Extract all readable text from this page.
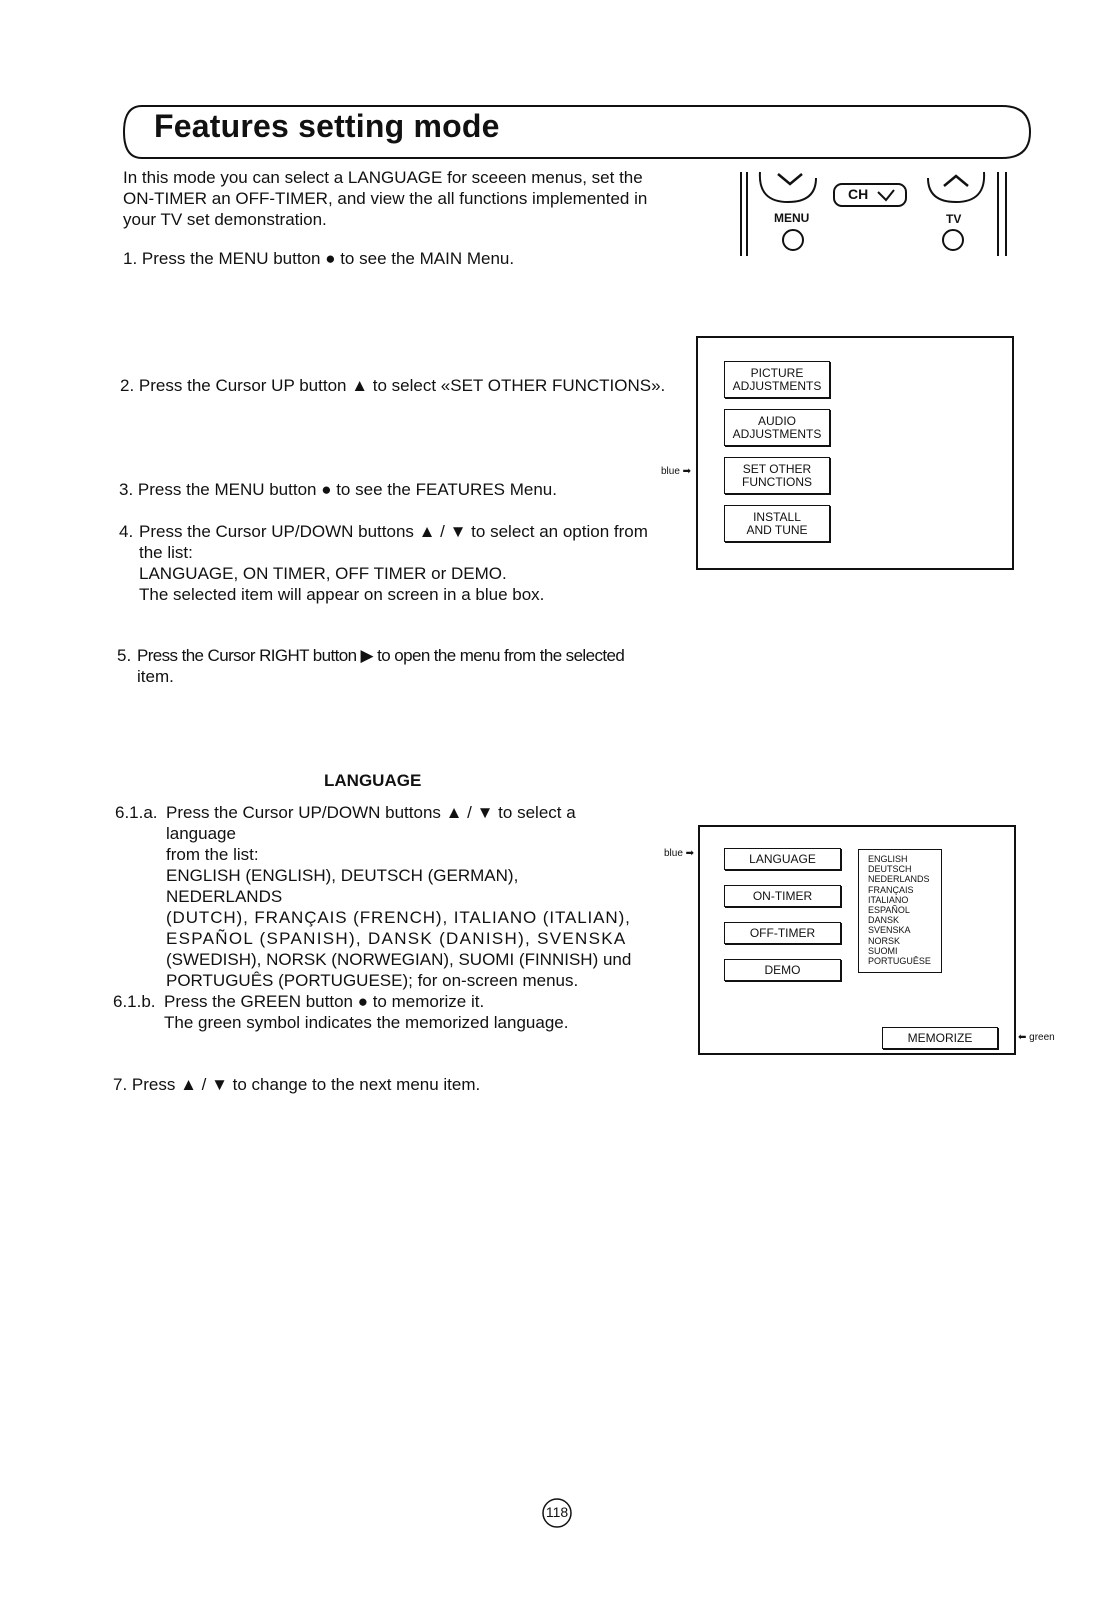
Features setting mode
In this mode you can select a LANGUAGE for sceeen menus, set the
ON-TIMER an OFF-TIMER, and view the all functions implemented in
your TV set demonstration.
CH
MENU	TV
1. Press the MENU button ● to see the MAIN Menu.
2. Press the Cursor UP button ▲ to select «SET OTHER FUNCTIONS».
3. Press the MENU button ● to see the FEATURES Menu.
4. Press the Cursor UP/DOWN buttons ▲ / ▼ to select an option from
the list:
LANGUAGE, ON TIMER, OFF TIMER or DEMO.
The selected item will appear on screen in a blue box.
5. Press the Cursor RIGHT button ▶ to open the menu from the selected
item.
PICTURE
ADJUSTMENTS
AUDIO
ADJUSTMENTS
SET OTHER
FUNCTIONS
INSTALL
AND TUNE
blue ➡
LANGUAGE
6.1.a. Press the Cursor UP/DOWN buttons ▲ / ▼ to select a language
from the list:
ENGLISH (ENGLISH), DEUTSCH (GERMAN), NEDERLANDS
(DUTCH), FRANÇAIS (FRENCH), ITALIANO (ITALIAN),
ESPAÑOL (SPANISH), DANSK (DANISH), SVENSKA
(SWEDISH), NORSK (NORWEGIAN), SUOMI (FINNISH) und
PORTUGUÊS (PORTUGUESE); for on-screen menus.
6.1.b. Press the GREEN button ● to memorize it.
The green symbol indicates the memorized language.
7. Press ▲ / ▼ to change to the next menu item.
LANGUAGE
ON-TIMER
OFF-TIMER
DEMO
ENGLISH
DEUTSCH
NEDERLANDS
FRANÇAIS
ITALIANO
ESPAÑOL
DANSK
SVENSKA
NORSK
SUOMI
PORTUGUÊSE
MEMORIZE
blue ➡
⬅ green
118
